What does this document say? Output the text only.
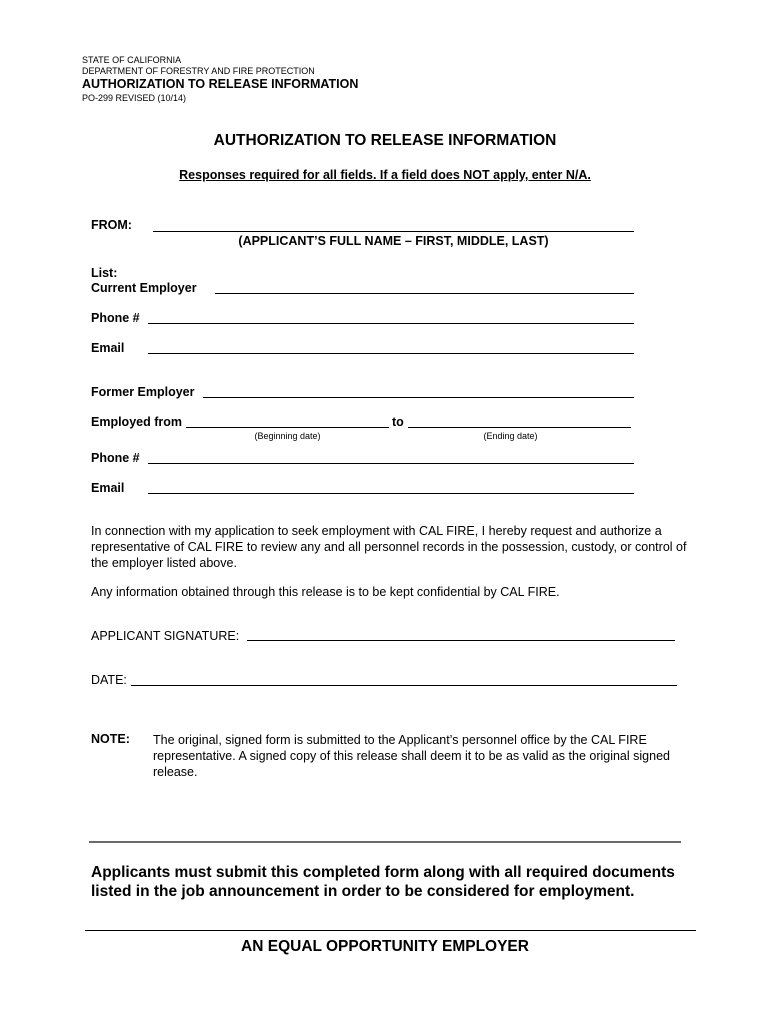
STATE OF CALIFORNIA
DEPARTMENT OF FORESTRY AND FIRE PROTECTION
AUTHORIZATION TO RELEASE INFORMATION
PO-299 REVISED (10/14)
AUTHORIZATION TO RELEASE INFORMATION
Responses required for all fields. If a field does NOT apply, enter N/A.
FROM:
(APPLICANT’S FULL NAME – FIRST, MIDDLE, LAST)
List:
Current Employer
Phone #
Email
Former Employer
Employed from	to
(Beginning date)	(Ending date)
Phone #
Email
In connection with my application to seek employment with CAL FIRE, I hereby request and authorize a representative of CAL FIRE to review any and all personnel records in the possession, custody, or control of the employer listed above.
Any information obtained through this release is to be kept confidential by CAL FIRE.
APPLICANT SIGNATURE:
DATE:
NOTE: The original, signed form is submitted to the Applicant’s personnel office by the CAL FIRE representative. A signed copy of this release shall deem it to be as valid as the original signed release.
Applicants must submit this completed form along with all required documents listed in the job announcement in order to be considered for employment.
AN EQUAL OPPORTUNITY EMPLOYER
